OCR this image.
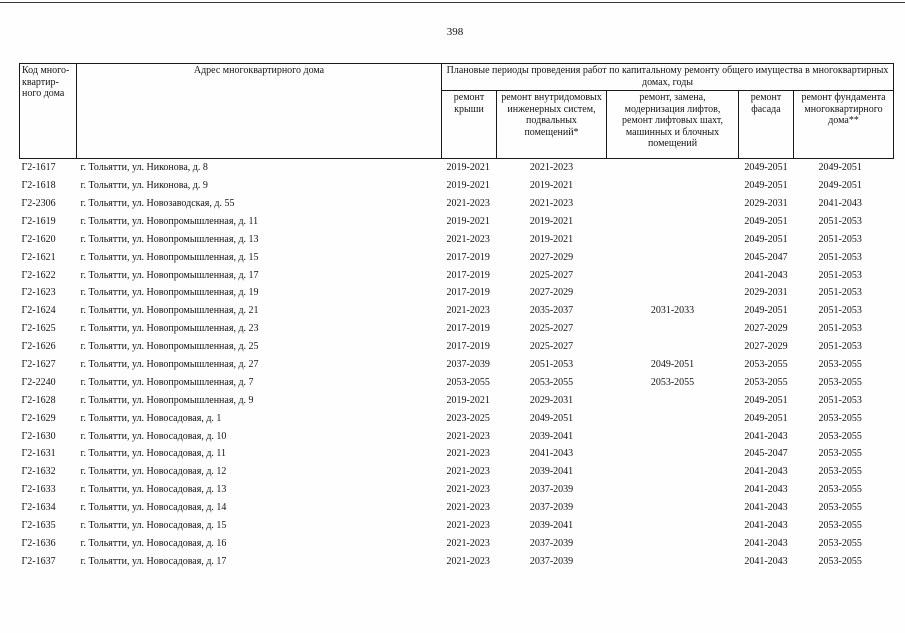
398
Код много-квартир-ного дома	Адрес многоквартирного дома	Плановые периоды проведения работ по капитальному ремонту общего имущества в многоквартирных домах, годы				
		ремонт крыши	ремонт внутридомовых инженерных систем, подвальных помещений*	ремонт, замена, модернизация лифтов, ремонт лифтовых шахт, машинных и блочных помещений	ремонт фасада	ремонт фундамента многоквартирного дома**
Г2-1617	г. Тольятти, ул. Никонова, д. 8	2019-2021	2021-2023		2049-2051	2049-2051
Г2-1618	г. Тольятти, ул. Никонова, д. 9	2019-2021	2019-2021		2049-2051	2049-2051
Г2-2306	г. Тольятти, ул. Новозаводская, д. 55	2021-2023	2021-2023		2029-2031	2041-2043
Г2-1619	г. Тольятти, ул. Новопромышленная, д. 11	2019-2021	2019-2021		2049-2051	2051-2053
Г2-1620	г. Тольятти, ул. Новопромышленная, д. 13	2021-2023	2019-2021		2049-2051	2051-2053
Г2-1621	г. Тольятти, ул. Новопромышленная, д. 15	2017-2019	2027-2029		2045-2047	2051-2053
Г2-1622	г. Тольятти, ул. Новопромышленная, д. 17	2017-2019	2025-2027		2041-2043	2051-2053
Г2-1623	г. Тольятти, ул. Новопромышленная, д. 19	2017-2019	2027-2029		2029-2031	2051-2053
Г2-1624	г. Тольятти, ул. Новопромышленная, д. 21	2021-2023	2035-2037	2031-2033	2049-2051	2051-2053
Г2-1625	г. Тольятти, ул. Новопромышленная, д. 23	2017-2019	2025-2027		2027-2029	2051-2053
Г2-1626	г. Тольятти, ул. Новопромышленная, д. 25	2017-2019	2025-2027		2027-2029	2051-2053
Г2-1627	г. Тольятти, ул. Новопромышленная, д. 27	2037-2039	2051-2053	2049-2051	2053-2055	2053-2055
Г2-2240	г. Тольятти, ул. Новопромышленная, д. 7	2053-2055	2053-2055	2053-2055	2053-2055	2053-2055
Г2-1628	г. Тольятти, ул. Новопромышленная, д. 9	2019-2021	2029-2031		2049-2051	2051-2053
Г2-1629	г. Тольятти, ул. Новосадовая, д. 1	2023-2025	2049-2051		2049-2051	2053-2055
Г2-1630	г. Тольятти, ул. Новосадовая, д. 10	2021-2023	2039-2041		2041-2043	2053-2055
Г2-1631	г. Тольятти, ул. Новосадовая, д. 11	2021-2023	2041-2043		2045-2047	2053-2055
Г2-1632	г. Тольятти, ул. Новосадовая, д. 12	2021-2023	2039-2041		2041-2043	2053-2055
Г2-1633	г. Тольятти, ул. Новосадовая, д. 13	2021-2023	2037-2039		2041-2043	2053-2055
Г2-1634	г. Тольятти, ул. Новосадовая, д. 14	2021-2023	2037-2039		2041-2043	2053-2055
Г2-1635	г. Тольятти, ул. Новосадовая, д. 15	2021-2023	2039-2041		2041-2043	2053-2055
Г2-1636	г. Тольятти, ул. Новосадовая, д. 16	2021-2023	2037-2039		2041-2043	2053-2055
Г2-1637	г. Тольятти, ул. Новосадовая, д. 17	2021-2023	2037-2039		2041-2043	2053-2055
